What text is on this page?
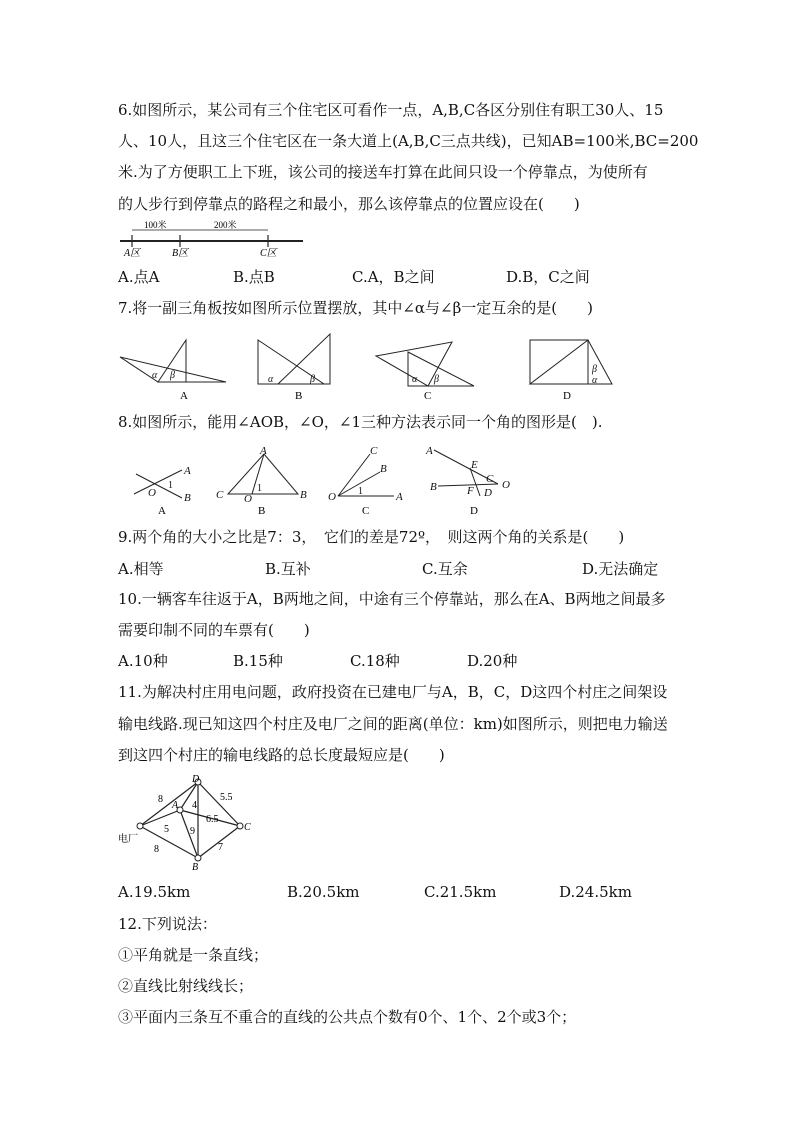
6.如图所示，某公司有三个住宅区可看作一点，A,B,C各区分别住有职工30人、15
人、10人，且这三个住宅区在一条大道上(A,B,C三点共线)，已知AB=100米,BC=200
米.为了方便职工上下班，该公司的接送车打算在此间只设一个停靠点，为使所有
的人步行到停靠点的路程之和最小，那么该停靠点的位置应设在(　　)
100米	200米
A区	B区	C区
A.点A	B.点B	C.A，B之间	D.B，C之间
7.将一副三角板按如图所示位置摆放，其中∠α与∠β一定互余的是(　　)
α β
A
α	β
B
α β
C
β
α
D
8.如图所示，能用∠AOB，∠O，∠1三种方法表示同一个角的图形是(　).
A
B
O
1
A
A
C	B
O
1
B
C
B
A
O 1
C
A
E
B	F
C
D
O
D
9.两个角的大小之比是7：3，　它们的差是72º，　则这两个角的关系是(　　)
A.相等	B.互补	C.互余	D.无法确定
10.一辆客车往返于A，B两地之间，中途有三个停靠站，那么在A、B两地之间最多
需要印制不同的车票有(　　)
A.10种	B.15种	C.18种	D.20种
11.为解决村庄用电问题，政府投资在已建电厂与A，B，C，D这四个村庄之间架设
输电线路.现已知这四个村庄及电厂之间的距离(单位：km)如图所示，则把电力输送
到这四个村庄的输电线路的总长度最短应是(　　)
电厂
D
A
C
B
8
4
5.5
5 9
6.5
8	7
A.19.5km	B.20.5km	C.21.5km	D.24.5km
12.下列说法：
①平角就是一条直线；
②直线比射线线长；
③平面内三条互不重合的直线的公共点个数有0个、1个、2个或3个；
